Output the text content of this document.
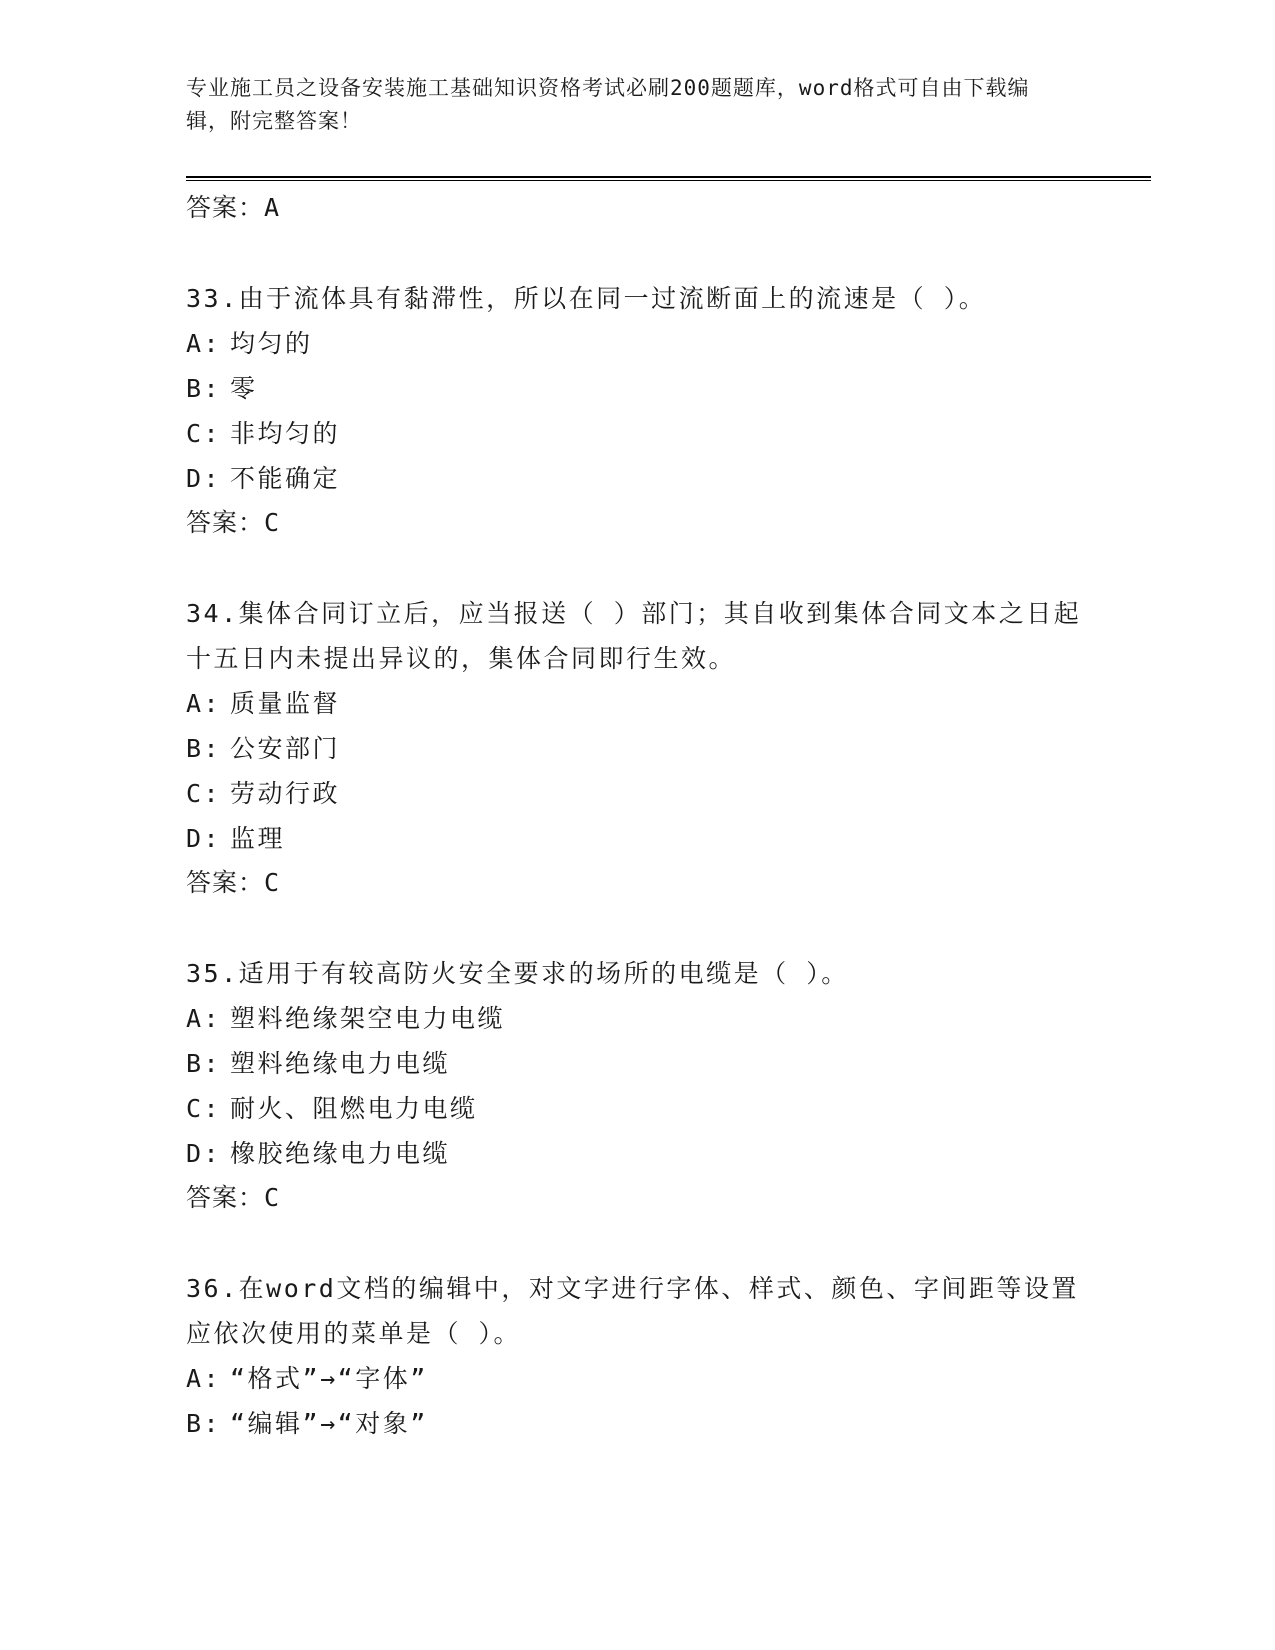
专业施工员之设备安装施工基础知识资格考试必刷200题题库，word格式可自由下载编辑，附完整答案！
答案：A
33.由于流体具有黏滞性，所以在同一过流断面上的流速是（ ）。
A: 均匀的
B: 零
C: 非均匀的
D: 不能确定
答案：C
34.集体合同订立后，应当报送（ ）部门；其自收到集体合同文本之日起十五日内未提出异议的，集体合同即行生效。
A: 质量监督
B: 公安部门
C: 劳动行政
D: 监理
答案：C
35.适用于有较高防火安全要求的场所的电缆是（ ）。
A: 塑料绝缘架空电力电缆
B: 塑料绝缘电力电缆
C: 耐火、阻燃电力电缆
D: 橡胶绝缘电力电缆
答案：C
36.在word文档的编辑中，对文字进行字体、样式、颜色、字间距等设置应依次使用的菜单是（ ）。
A: “格式”→“字体”
B: “编辑”→“对象”
